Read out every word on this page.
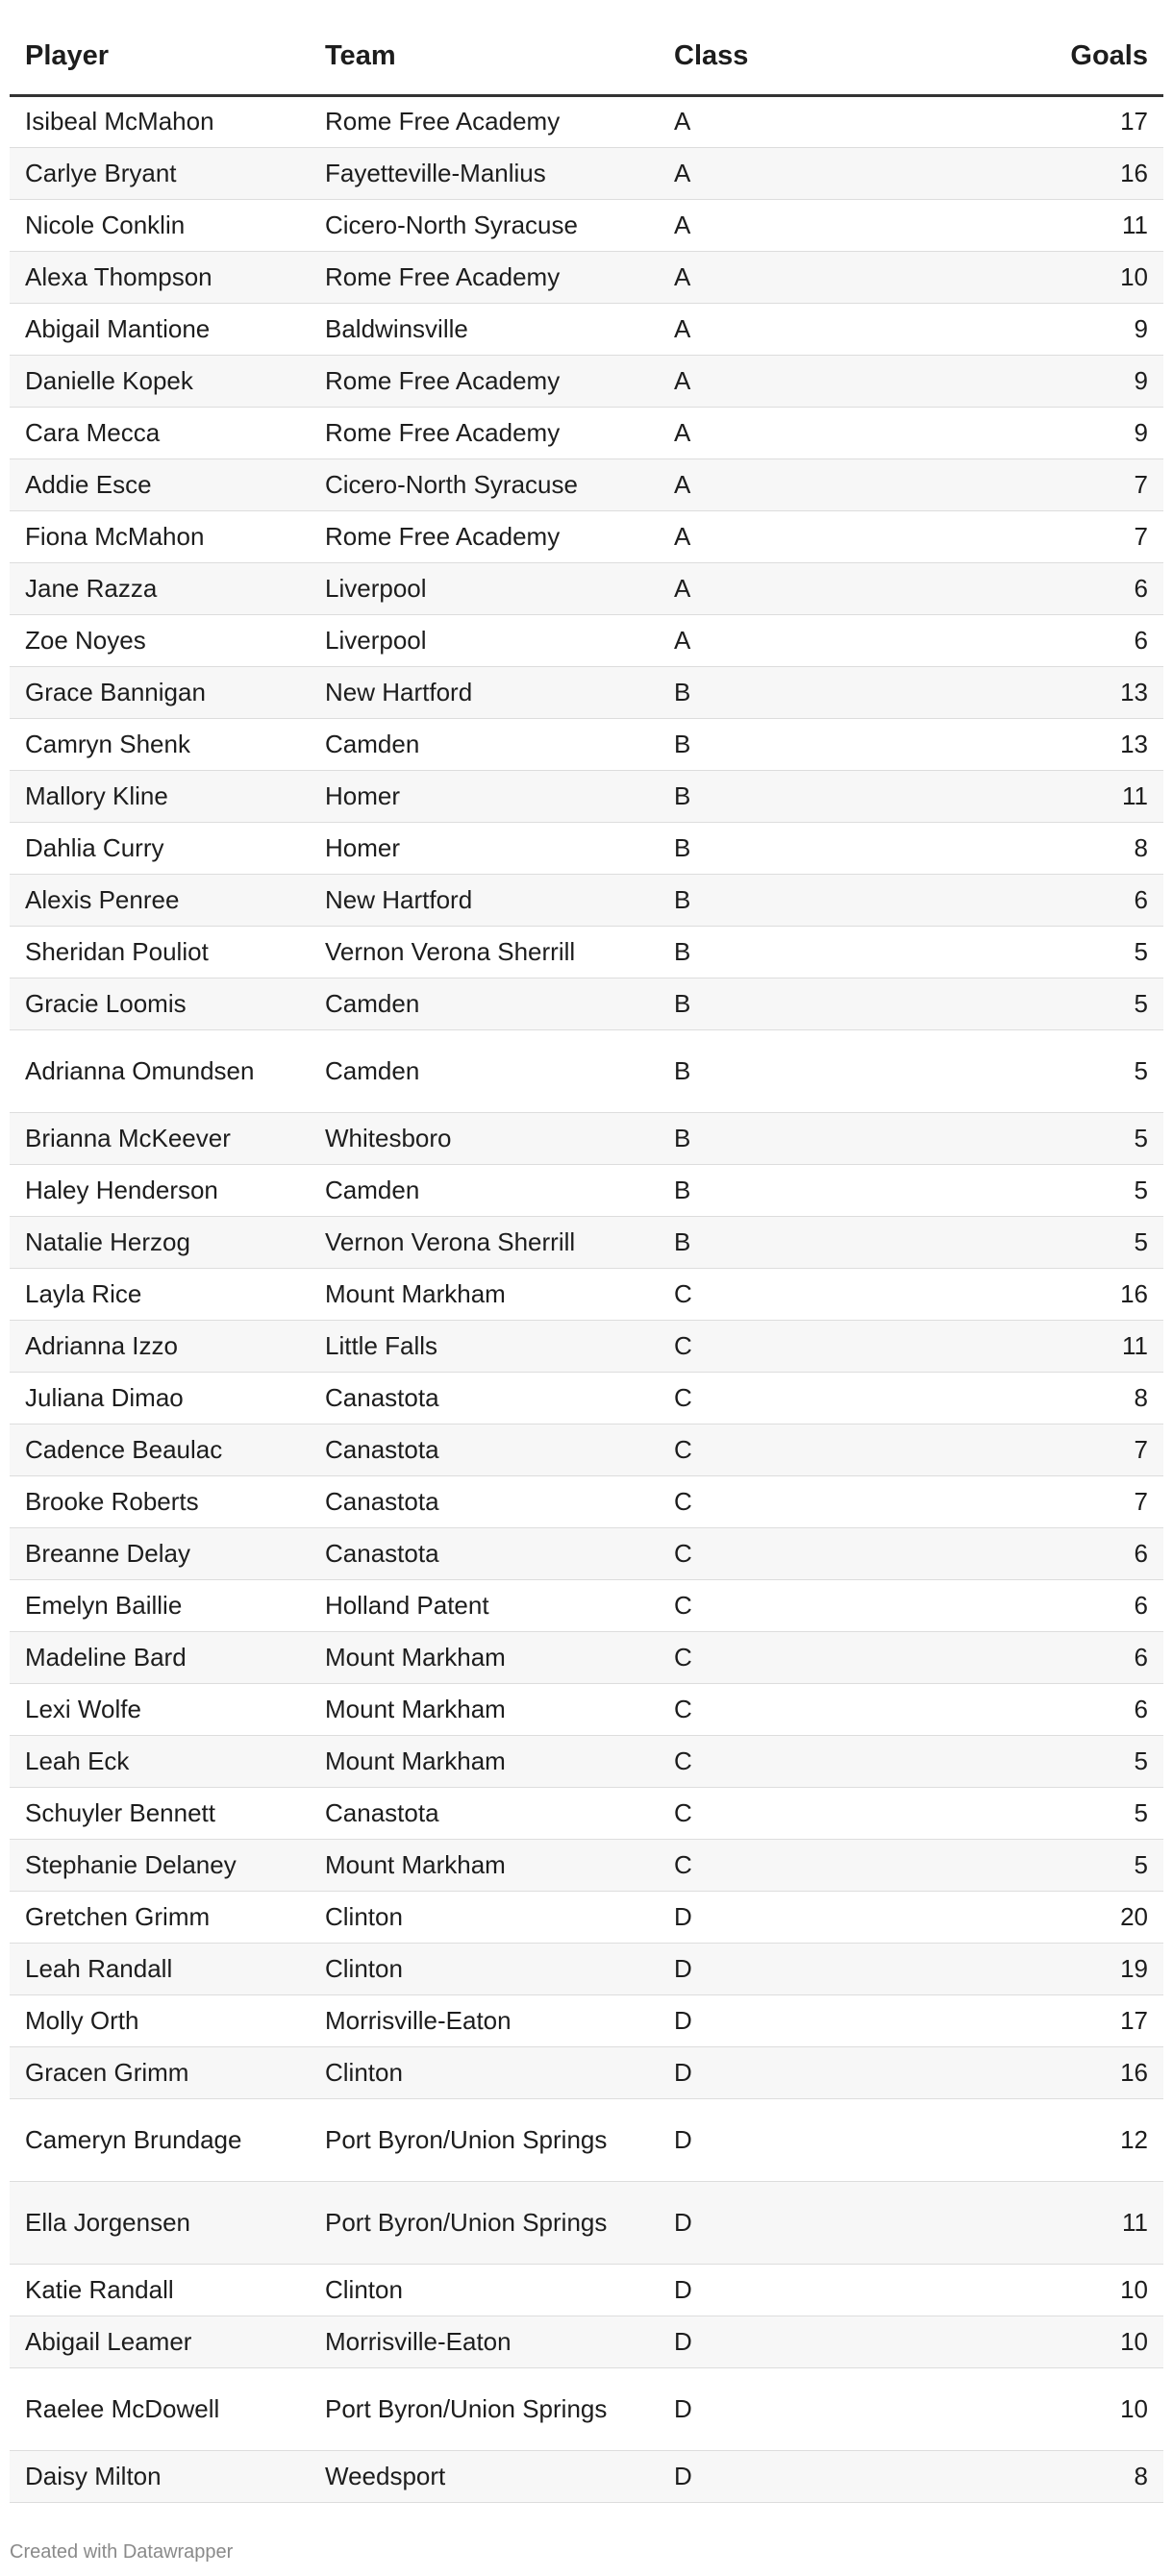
Player	Team	Class	Goals
Isibeal McMahon	Rome Free Academy	A	17
Carlye Bryant	Fayetteville-Manlius	A	16
Nicole Conklin	Cicero-North Syracuse	A	11
Alexa Thompson	Rome Free Academy	A	10
Abigail Mantione	Baldwinsville	A	9
Danielle Kopek	Rome Free Academy	A	9
Cara Mecca	Rome Free Academy	A	9
Addie Esce	Cicero-North Syracuse	A	7
Fiona McMahon	Rome Free Academy	A	7
Jane Razza	Liverpool	A	6
Zoe Noyes	Liverpool	A	6
Grace Bannigan	New Hartford	B	13
Camryn Shenk	Camden	B	13
Mallory Kline	Homer	B	11
Dahlia Curry	Homer	B	8
Alexis Penree	New Hartford	B	6
Sheridan Pouliot	Vernon Verona Sherrill	B	5
Gracie Loomis	Camden	B	5
Adrianna Omundsen	Camden	B	5
Brianna McKeever	Whitesboro	B	5
Haley Henderson	Camden	B	5
Natalie Herzog	Vernon Verona Sherrill	B	5
Layla Rice	Mount Markham	C	16
Adrianna Izzo	Little Falls	C	11
Juliana Dimao	Canastota	C	8
Cadence Beaulac	Canastota	C	7
Brooke Roberts	Canastota	C	7
Breanne Delay	Canastota	C	6
Emelyn Baillie	Holland Patent	C	6
Madeline Bard	Mount Markham	C	6
Lexi Wolfe	Mount Markham	C	6
Leah Eck	Mount Markham	C	5
Schuyler Bennett	Canastota	C	5
Stephanie Delaney	Mount Markham	C	5
Gretchen Grimm	Clinton	D	20
Leah Randall	Clinton	D	19
Molly Orth	Morrisville-Eaton	D	17
Gracen Grimm	Clinton	D	16
Cameryn Brundage	Port Byron/Union Springs	D	12
Ella Jorgensen	Port Byron/Union Springs	D	11
Katie Randall	Clinton	D	10
Abigail Leamer	Morrisville-Eaton	D	10
Raelee McDowell	Port Byron/Union Springs	D	10
Daisy Milton	Weedsport	D	8
Created with Datawrapper
